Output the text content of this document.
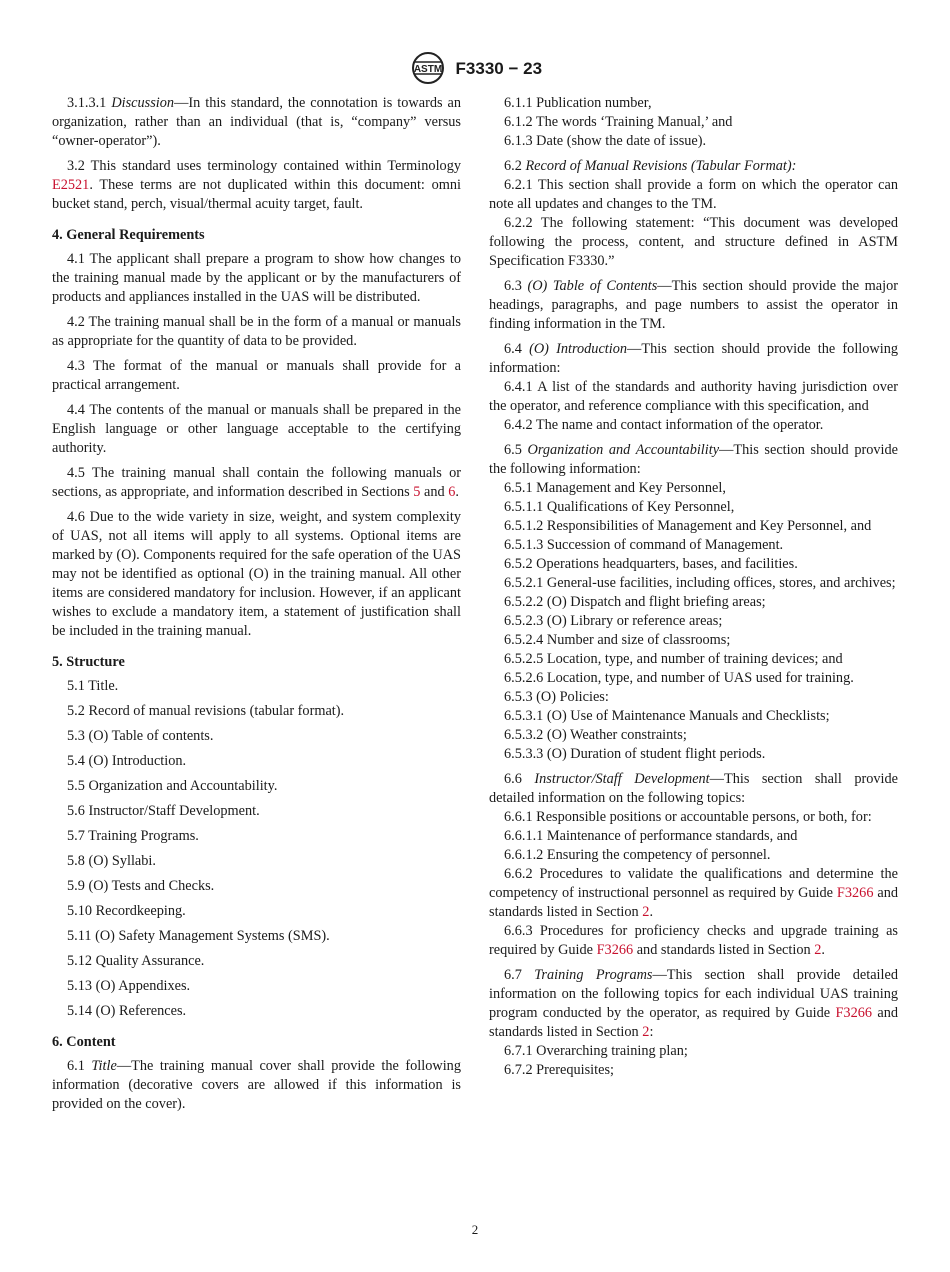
ASTM F3330 − 23

3.1.3.1 Discussion—In this standard, the connotation is towards an organization, rather than an individual (that is, “company” versus “owner-operator”).

3.2 This standard uses terminology contained within Terminology E2521. These terms are not duplicated within this document: omni bucket stand, perch, visual/thermal acuity target, fault.

4. General Requirements

4.1 The applicant shall prepare a program to show how changes to the training manual made by the applicant or by the manufacturers of products and appliances installed in the UAS will be distributed.

4.2 The training manual shall be in the form of a manual or manuals as appropriate for the quantity of data to be provided.

4.3 The format of the manual or manuals shall provide for a practical arrangement.

4.4 The contents of the manual or manuals shall be prepared in the English language or other language acceptable to the certifying authority.

4.5 The training manual shall contain the following manuals or sections, as appropriate, and information described in Sections 5 and 6.

4.6 Due to the wide variety in size, weight, and system complexity of UAS, not all items will apply to all systems. Optional items are marked by (O). Components required for the safe operation of the UAS may not be identified as optional (O) in the training manual. All other items are considered mandatory for inclusion. However, if an applicant wishes to exclude a mandatory item, a statement of justification shall be included in the training manual.

5. Structure

5.1 Title.

5.2 Record of manual revisions (tabular format).

5.3 (O) Table of contents.

5.4 (O) Introduction.

5.5 Organization and Accountability.

5.6 Instructor/Staff Development.

5.7 Training Programs.

5.8 (O) Syllabi.

5.9 (O) Tests and Checks.

5.10 Recordkeeping.

5.11 (O) Safety Management Systems (SMS).

5.12 Quality Assurance.

5.13 (O) Appendixes.

5.14 (O) References.

6. Content

6.1 Title—The training manual cover shall provide the following information (decorative covers are allowed if this information is provided on the cover).

6.1.1 Publication number,

6.1.2 The words ‘Training Manual,’ and

6.1.3 Date (show the date of issue).

6.2 Record of Manual Revisions (Tabular Format):

6.2.1 This section shall provide a form on which the operator can note all updates and changes to the TM.

6.2.2 The following statement: “This document was developed following the process, content, and structure defined in ASTM Specification F3330.”

6.3 (O) Table of Contents—This section should provide the major headings, paragraphs, and page numbers to assist the operator in finding information in the TM.

6.4 (O) Introduction—This section should provide the following information:

6.4.1 A list of the standards and authority having jurisdiction over the operator, and reference compliance with this specification, and

6.4.2 The name and contact information of the operator.

6.5 Organization and Accountability—This section should provide the following information:

6.5.1 Management and Key Personnel,

6.5.1.1 Qualifications of Key Personnel,

6.5.1.2 Responsibilities of Management and Key Personnel, and

6.5.1.3 Succession of command of Management.

6.5.2 Operations headquarters, bases, and facilities.

6.5.2.1 General-use facilities, including offices, stores, and archives;

6.5.2.2 (O) Dispatch and flight briefing areas;

6.5.2.3 (O) Library or reference areas;

6.5.2.4 Number and size of classrooms;

6.5.2.5 Location, type, and number of training devices; and

6.5.2.6 Location, type, and number of UAS used for training.

6.5.3 (O) Policies:

6.5.3.1 (O) Use of Maintenance Manuals and Checklists;

6.5.3.2 (O) Weather constraints;

6.5.3.3 (O) Duration of student flight periods.

6.6 Instructor/Staff Development—This section shall provide detailed information on the following topics:

6.6.1 Responsible positions or accountable persons, or both, for:

6.6.1.1 Maintenance of performance standards, and

6.6.1.2 Ensuring the competency of personnel.

6.6.2 Procedures to validate the qualifications and determine the competency of instructional personnel as required by Guide F3266 and standards listed in Section 2.

6.6.3 Procedures for proficiency checks and upgrade training as required by Guide F3266 and standards listed in Section 2.

6.7 Training Programs—This section shall provide detailed information on the following topics for each individual UAS training program conducted by the operator, as required by Guide F3266 and standards listed in Section 2:

6.7.1 Overarching training plan;

6.7.2 Prerequisites;

2
